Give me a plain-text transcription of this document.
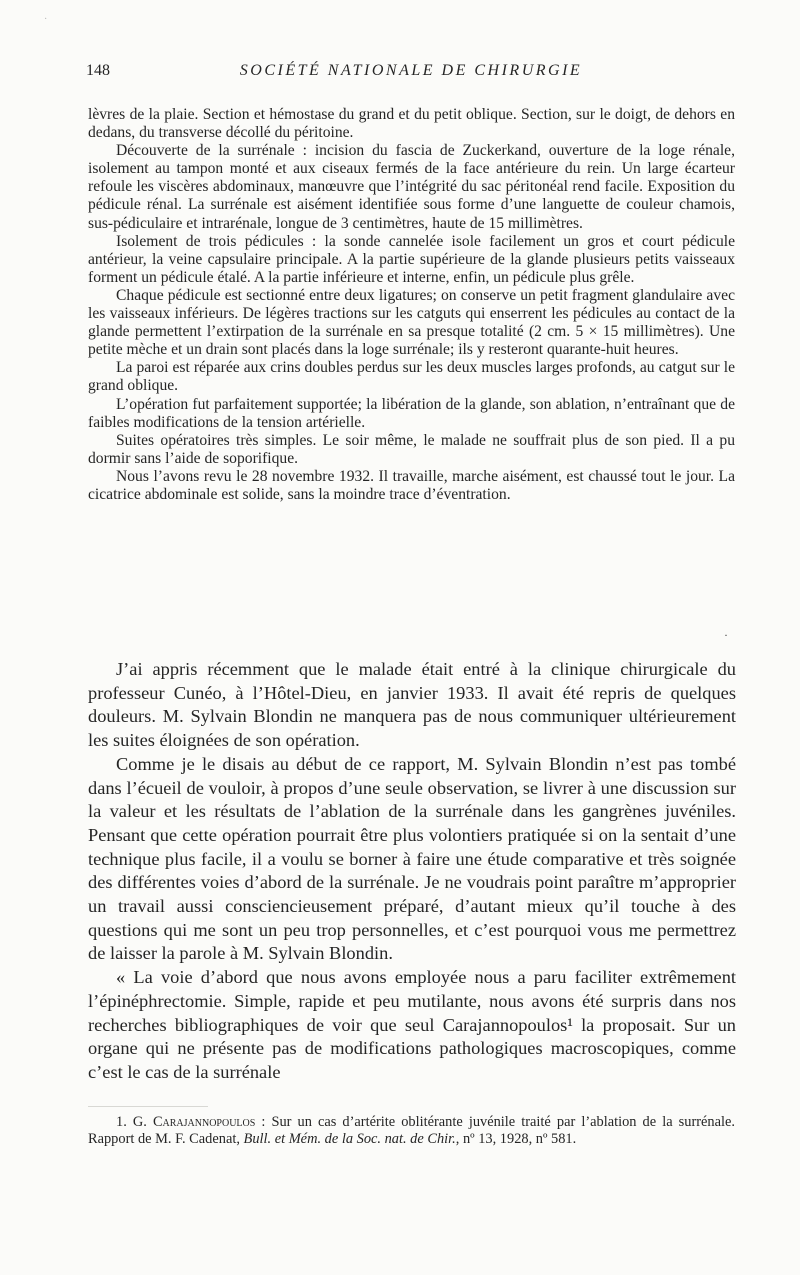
·
148	SOCIÉTÉ NATIONALE DE CHIRURGIE

lèvres de la plaie. Section et hémostase du grand et du petit oblique. Section, sur le doigt, de dehors en dedans, du transverse décollé du péritoine.

Découverte de la surrénale : incision du fascia de Zuckerkand, ouverture de la loge rénale, isolement au tampon monté et aux ciseaux fermés de la face antérieure du rein. Un large écarteur refoule les viscères abdominaux, manœuvre que l’intégrité du sac péritonéal rend facile. Exposition du pédicule rénal. La surrénale est aisément identifiée sous forme d’une languette de couleur chamois, sus-pédiculaire et intrarénale, longue de 3 centimètres, haute de 15 millimètres.

Isolement de trois pédicules : la sonde cannelée isole facilement un gros et court pédicule antérieur, la veine capsulaire principale. A la partie supérieure de la glande plusieurs petits vaisseaux forment un pédicule étalé. A la partie inférieure et interne, enfin, un pédicule plus grêle.

Chaque pédicule est sectionné entre deux ligatures; on conserve un petit fragment glandulaire avec les vaisseaux inférieurs. De légères tractions sur les catguts qui enserrent les pédicules au contact de la glande permettent l’extirpation de la surrénale en sa presque totalité (2 cm. 5 × 15 millimètres). Une petite mèche et un drain sont placés dans la loge surrénale; ils y resteront quarante-huit heures.

La paroi est réparée aux crins doubles perdus sur les deux muscles larges profonds, au catgut sur le grand oblique.

L’opération fut parfaitement supportée; la libération de la glande, son ablation, n’entraînant que de faibles modifications de la tension artérielle.

Suites opératoires très simples. Le soir même, le malade ne souffrait plus de son pied. Il a pu dormir sans l’aide de soporifique.

Nous l’avons revu le 28 novembre 1932. Il travaille, marche aisément, est chaussé tout le jour. La cicatrice abdominale est solide, sans la moindre trace d’éventration.

·

J’ai appris récemment que le malade était entré à la clinique chirurgicale du professeur Cunéo, à l’Hôtel-Dieu, en janvier 1933. Il avait été repris de quelques douleurs. M. Sylvain Blondin ne manquera pas de nous communiquer ultérieurement les suites éloignées de son opération.

Comme je le disais au début de ce rapport, M. Sylvain Blondin n’est pas tombé dans l’écueil de vouloir, à propos d’une seule observation, se livrer à une discussion sur la valeur et les résultats de l’ablation de la surrénale dans les gangrènes juvéniles. Pensant que cette opération pourrait être plus volontiers pratiquée si on la sentait d’une technique plus facile, il a voulu se borner à faire une étude comparative et très soignée des différentes voies d’abord de la surrénale. Je ne voudrais point paraître m’approprier un travail aussi consciencieusement préparé, d’autant mieux qu’il touche à des questions qui me sont un peu trop personnelles, et c’est pourquoi vous me permettrez de laisser la parole à M. Sylvain Blondin.

« La voie d’abord que nous avons employée nous a paru faciliter extrêmement l’épinéphrectomie. Simple, rapide et peu mutilante, nous avons été surpris dans nos recherches bibliographiques de voir que seul Carajannopoulos¹ la proposait. Sur un organe qui ne présente pas de modifications pathologiques macroscopiques, comme c’est le cas de la surrénale

1. G. Carajannopoulos : Sur un cas d’artérite oblitérante juvénile traité par l’ablation de la surrénale. Rapport de M. F. Cadenat, Bull. et Mém. de la Soc. nat. de Chir., nº 13, 1928, nº 581.
